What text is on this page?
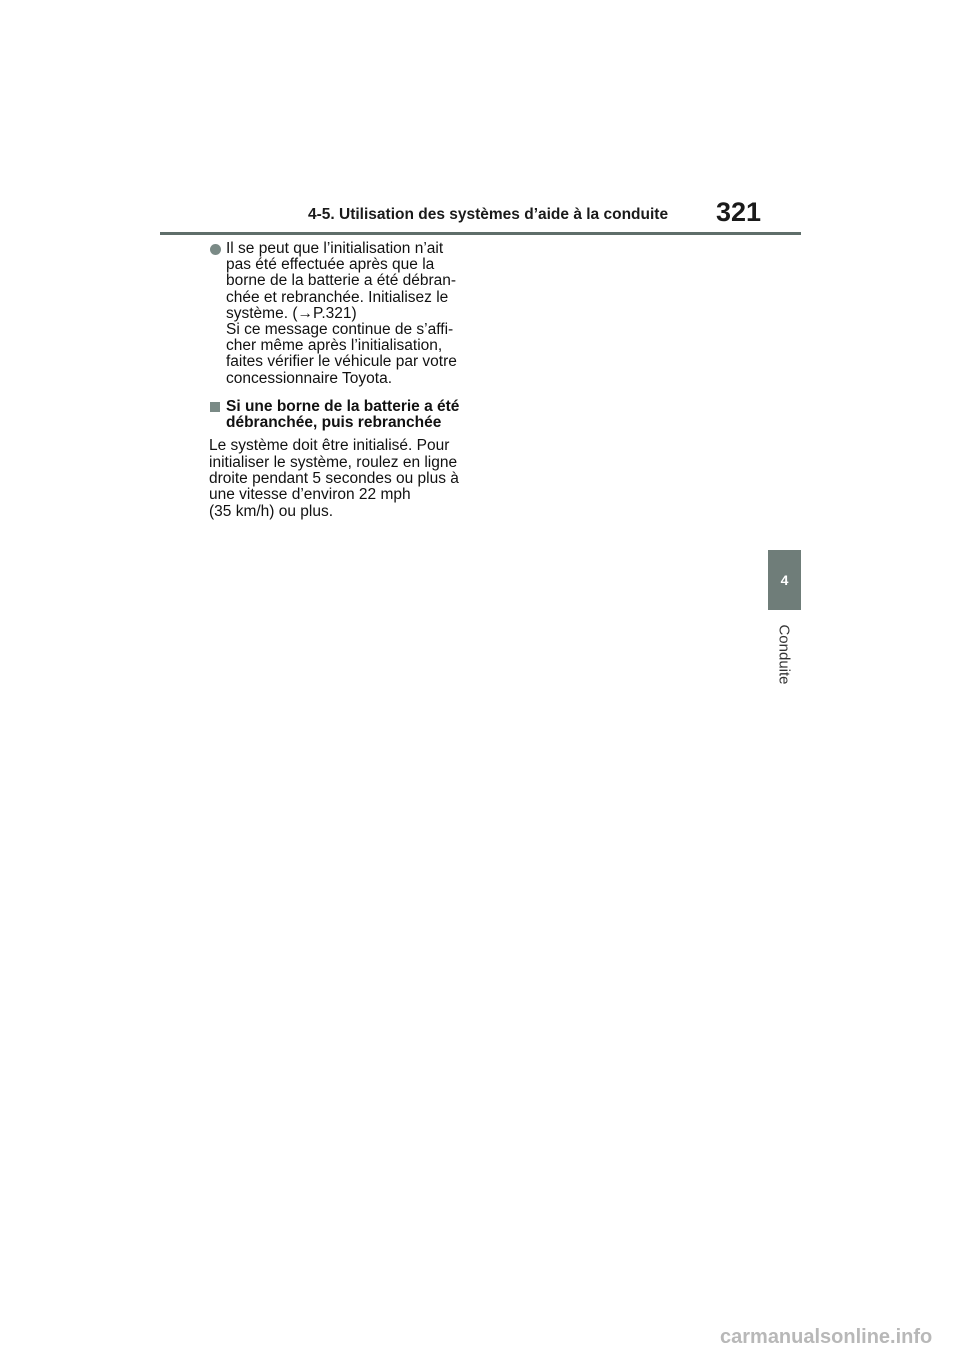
4-5. Utilisation des systèmes d’aide à la conduite	321
Il se peut que l’initialisation n’ait
pas été effectuée après que la
borne de la batterie a été débran-
chée et rebranchée. Initialisez le
système. (→P.321)
Si ce message continue de s’affi-
cher même après l’initialisation,
faites vérifier le véhicule par votre
concessionnaire Toyota.
Si une borne de la batterie a été
débranchée, puis rebranchée
Le système doit être initialisé. Pour
initialiser le système, roulez en ligne
droite pendant 5 secondes ou plus à
une vitesse d’environ 22 mph
(35 km/h) ou plus.
4
Conduite
carmanualsonline.info
